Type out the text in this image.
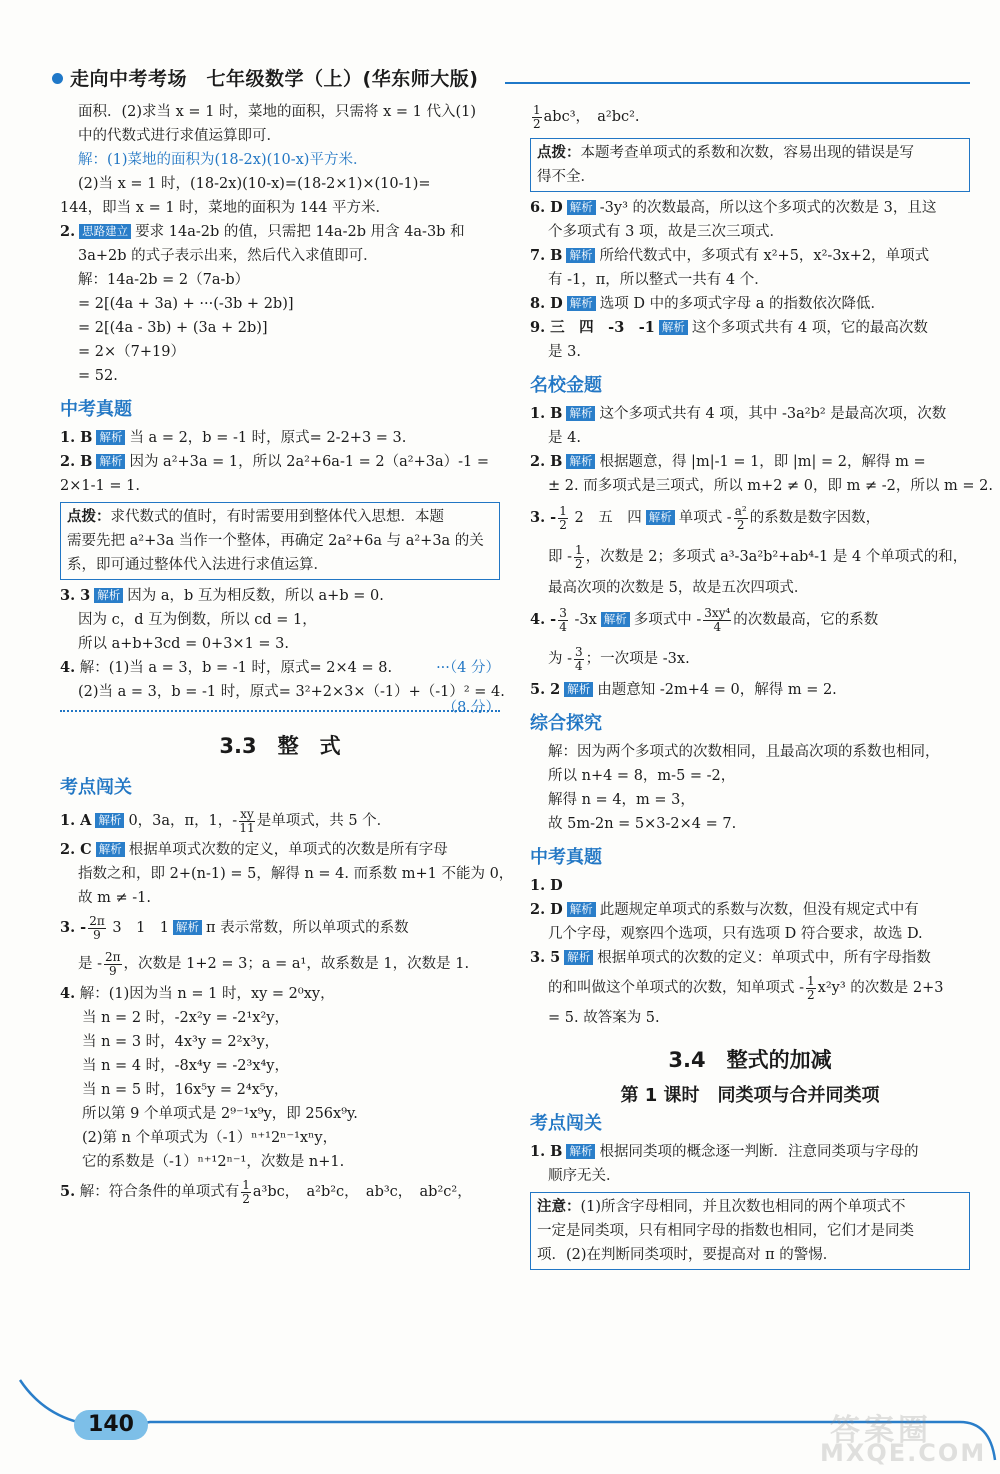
走向中考考场　 七年级数学（上）(华东师大版)
面积．(2)求当 x = 1 时，菜地的面积，只需将 x = 1 代入(1)
中的代数式进行求值运算即可．
解：(1)菜地的面积为(18-2x)(10-x)平方米．
(2)当 x = 1 时，(18-2x)(10-x)=(18-2×1)×(10-1)=
144，即当 x = 1 时，菜地的面积为 144 平方米．
2. 思路建立 要求 14a-2b 的值，只需把 14a-2b 用含 4a-3b 和
3a+2b 的式子表示出来，然后代入求值即可．
解：14a-2b = 2（7a-b）
= 2[(4a + 3a) + ···(-3b + 2b)]
= 2[(4a - 3b) + (3a + 2b)]
= 2×（7+19）
= 52.
中考真题
1. B 解析 当 a = 2，b = -1 时，原式= 2-2+3 = 3.
2. B 解析 因为 a²+3a = 1，所以 2a²+6a-1 = 2（a²+3a）-1 =
2×1-1 = 1.
点拨：求代数式的值时，有时需要用到整体代入思想．本题
需要先把 a²+3a 当作一个整体，再确定 2a²+6a 与 a²+3a 的关
系，即可通过整体代入法进行求值运算．
3. 3 解析 因为 a，b 互为相反数，所以 a+b = 0.
因为 c，d 互为倒数，所以 cd = 1，
所以 a+b+3cd = 0+3×1 = 3.
4. 解：(1)当 a = 3，b = -1 时，原式= 2×4 = 8.	···（4 分）
(2)当 a = 3，b = -1 时，原式= 3²+2×3×（-1）+（-1）² = 4.
（8 分）
3.3　整　式
考点闯关
1. A 解析 0，3a，π，1，- $\frac{xy}{11}$ 是单项式，共 5 个．
2. C 解析 根据单项式次数的定义，单项式的次数是所有字母
指数之和，即 2+(n-1) = 5，解得 n = 4. 而系数 m+1 不能为 0，
故 m ≠ -1.
3. - $\frac{2\pi}{9} 3$　1　1 解析 π 表示常数，所以单项式的系数
是 - $\frac{2\pi}{9}$ ，次数是 1+2 = 3；a = a¹，故系数是 1，次数是 1.
4. 解：(1)因为当 n = 1 时，xy = 2⁰xy，
当 n = 2 时，-2x²y = -2¹x²y，
当 n = 3 时，4x³y = 2²x³y，
当 n = 4 时，-8x⁴y = -2³x⁴y，
当 n = 5 时，16x⁵y = 2⁴x⁵y，
所以第 9 个单项式是 2⁹⁻¹x⁹y，即 256x⁹y.
(2)第 n 个单项式为（-1）ⁿ⁺¹2ⁿ⁻¹xⁿy，
它的系数是（-1）ⁿ⁺¹2ⁿ⁻¹，次数是 n+1.
5. 解：符合条件的单项式有 $\frac{1}{2} a^3bc$，　a²b²c，　ab³c，　ab²c²，
$\frac{1}{2} abc^3$，　a²bc².
点拨：本题考查单项式的系数和次数，容易出现的错误是写
得不全．
6. D 解析 -3y³ 的次数最高，所以这个多项式的次数是 3，且这
个多项式有 3 项，故是三次三项式．
7. B 解析 所给代数式中，多项式有 x²+5，x²-3x+2，单项式
有 -1，π，所以整式一共有 4 个．
8. D 解析 选项 D 中的多项式字母 a 的指数依次降低．
9. 三　四　-3　-1 解析 这个多项式共有 4 项，它的最高次数
是 3.
名校金题
1. B 解析 这个多项式共有 4 项，其中 -3a²b² 是最高次项，次数
是 4.
2. B 解析 根据题意，得 |m|-1 = 1，即 |m| = 2，解得 m =
± 2. 而多项式是三项式，所以 m+2 ≠ 0，即 m ≠ -2，所以 m = 2.
3. - $\frac{1}{2} 2$　五　四 解析 单项式 - $\frac{\text{a²}}{2}$ 的系数是数字因数，
即 - $\frac{1}{2}$ ，次数是 2；多项式 a³-3a²b²+ab⁴-1 是 4 个单项式的和，
最高次项的次数是 5，故是五次四项式．
4. - $\frac{3}{4} -3x$ 解析 多项式中 - $\frac{\text{3xy⁴}}{4}$ 的次数最高，它的系数
为 - $\frac{3}{4}$ ；一次项是 -3x.
5. 2 解析 由题意知 -2m+4 = 0，解得 m = 2.
综合探究
解：因为两个多项式的次数相同，且最高次项的系数也相同，
所以 n+4 = 8，m-5 = -2，
解得 n = 4，m = 3，
故 5m-2n = 5×3-2×4 = 7.
中考真题
1. D
2. D 解析 此题规定单项式的系数与次数，但没有规定式中有
几个字母，观察四个选项，只有选项 D 符合要求，故选 D.
3. 5 解析 根据单项式的次数的定义：单项式中，所有字母指数
的和叫做这个单项式的次数，知单项式 - $\frac{1}{2} x^2y^3$ 的次数是 2+3
= 5. 故答案为 5.
3.4　整式的加减
第 1 课时　同类项与合并同类项
考点闯关
1. B 解析 根据同类项的概念逐一判断．注意同类项与字母的
顺序无关．
注意：(1)所含字母相同，并且次数也相同的两个单项式不
一定是同类项，只有相同字母的指数也相同，它们才是同类
项．(2)在判断同类项时，要提高对 π 的警惕．
140	答案圈
MXQE.COM
